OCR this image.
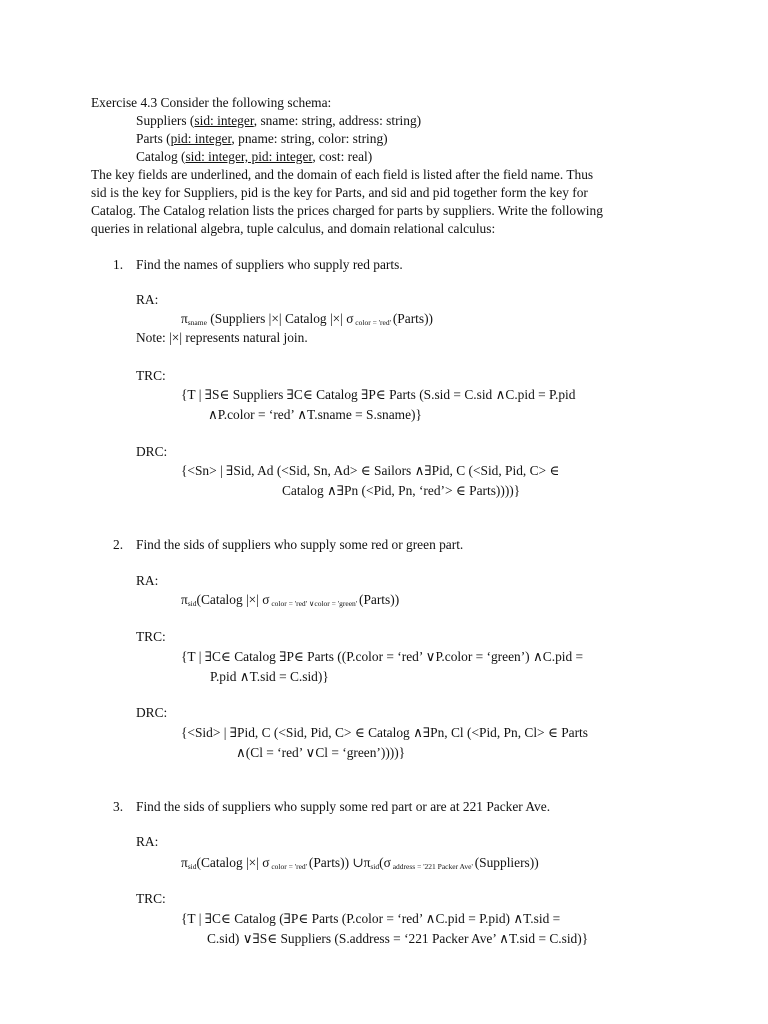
Exercise 4.3 Consider the following schema:
Suppliers (sid: integer, sname: string, address: string)
Parts (pid: integer, pname: string, color: string)
Catalog (sid: integer, pid: integer, cost: real)
The key fields are underlined, and the domain of each field is listed after the field name. Thus
sid is the key for Suppliers, pid is the key for Parts, and sid and pid together form the key for
Catalog. The Catalog relation lists the prices charged for parts by suppliers. Write the following
queries in relational algebra, tuple calculus, and domain relational calculus:
1. Find the names of suppliers who supply red parts.
RA:
$\pi_{sname}$ (Suppliers |×| Catalog |×| σ $_{color = 'red'}$ (Parts))
Note: |×| represents natural join.
TRC:
{T | ∃S∈ Suppliers ∃C∈ Catalog ∃P∈ Parts (S.sid = C.sid ∧C.pid = P.pid
∧P.color = ‘red’ ∧T.sname = S.sname)}
DRC:
{<Sn> | ∃Sid, Ad (<Sid, Sn, Ad> ∈ Sailors ∧∃Pid, C (<Sid, Pid, C> ∈
Catalog ∧∃Pn (<Pid, Pn, ‘red’> ∈ Parts))))}
2. Find the sids of suppliers who supply some red or green part.
RA:
$\pi_{sid}(Catalog$ |×| σ $_{color = 'red' \vee color = 'green'}$ (Parts))
TRC:
{T | ∃C∈ Catalog ∃P∈ Parts ((P.color = ‘red’ ∨P.color = ‘green’) ∧C.pid =
P.pid ∧T.sid = C.sid)}
DRC:
{<Sid> | ∃Pid, C (<Sid, Pid, C> ∈ Catalog ∧∃Pn, Cl (<Pid, Pn, Cl> ∈ Parts
∧(Cl = ‘red’ ∨Cl = ‘green’))))}
3. Find the sids of suppliers who supply some red part or are at 221 Packer Ave.
RA:
$\pi_{sid}(Catalog$ |×| σ $_{color = 'red'}$ (Parts)) $\cup\pi_{sid}(\sigma$ $_{address = '221 Packer Ave'}$ (Suppliers))
TRC:
{T | ∃C∈ Catalog (∃P∈ Parts (P.color = ‘red’ ∧C.pid = P.pid) ∧T.sid =
C.sid) ∨∃S∈ Suppliers (S.address = ‘221 Packer Ave’ ∧T.sid = C.sid)}
